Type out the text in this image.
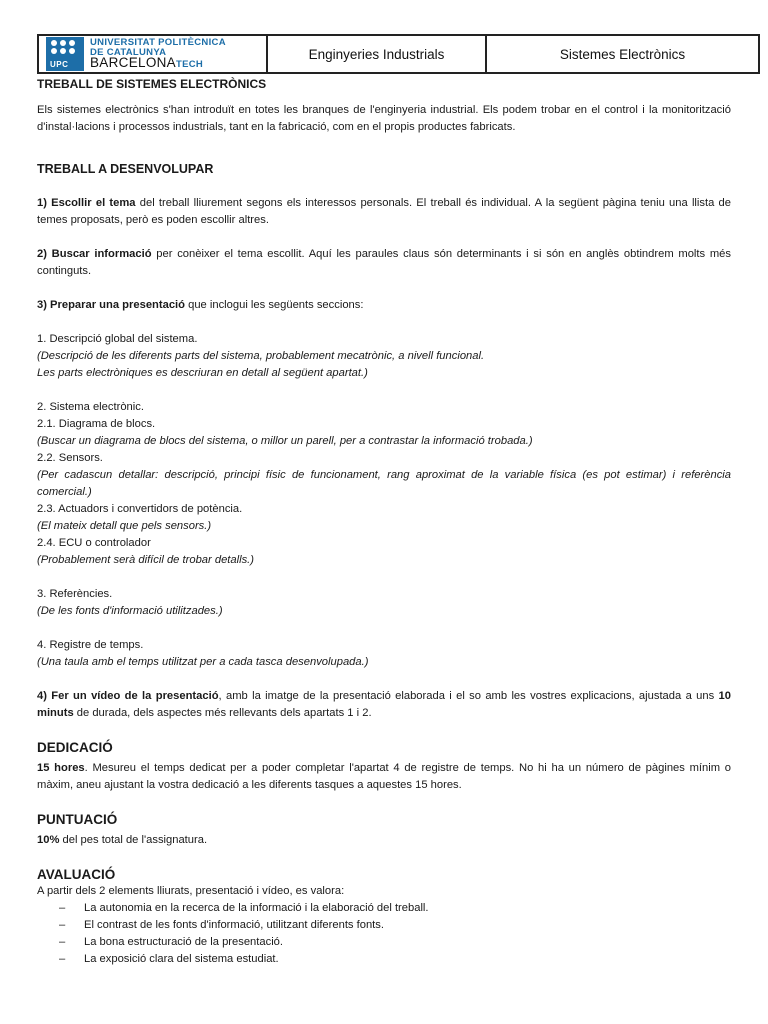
UPC
UNIVERSITAT POLITÈCNICA
DE CATALUNYA
BARCELONATECH
Enginyeries Industrials	Sistemes Electrònics

TREBALL DE SISTEMES ELECTRÒNICS

Els sistemes electrònics s'han introduït en totes les branques de l'enginyeria industrial. Els podem trobar en el control i la monitorització d'instal·lacions i processos industrials, tant en la fabricació, com en el propis productes fabricats.

TREBALL A DESENVOLUPAR

1) Escollir el tema del treball lliurement segons els interessos personals. El treball és individual. A la següent pàgina teniu una llista de temes proposats, però es poden escollir altres.

2) Buscar informació per conèixer el tema escollit. Aquí les paraules claus són determinants i si són en anglès obtindrem molts més continguts.

3) Preparar una presentació que inclogui les següents seccions:

1. Descripció global del sistema.

(Descripció de les diferents parts del sistema, probablement mecatrònic, a nivell funcional.

Les parts electròniques es descriuran en detall al següent apartat.)

2. Sistema electrònic.

2.1. Diagrama de blocs.

(Buscar un diagrama de blocs del sistema, o millor un parell, per a contrastar la informació trobada.)

2.2. Sensors.

(Per cadascun detallar: descripció, principi físic de funcionament, rang aproximat de la variable física (es pot estimar) i referència comercial.)

2.3. Actuadors i convertidors de potència.

(El mateix detall que pels sensors.)

2.4. ECU o controlador

(Probablement serà difícil de trobar detalls.)

3. Referències.

(De les fonts d'informació utilitzades.)

4. Registre de temps.

(Una taula amb el temps utilitzat per a cada tasca desenvolupada.)

4) Fer un vídeo de la presentació, amb la imatge de la presentació elaborada i el so amb les vostres explicacions, ajustada a uns 10 minuts de durada, dels aspectes més rellevants dels apartats 1 i 2.

DEDICACIÓ

15 hores. Mesureu el temps dedicat per a poder completar l'apartat 4 de registre de temps. No hi ha un número de pàgines mínim o màxim, aneu ajustant la vostra dedicació a les diferents tasques a aquestes 15 hores.

PUNTUACIÓ

10% del pes total de l'assignatura.

AVALUACIÓ

A partir dels 2 elements lliurats, presentació i vídeo, es valora:

– La autonomia en la recerca de la informació i la elaboració del treball.
– El contrast de les fonts d'informació, utilitzant diferents fonts.
– La bona estructuració de la presentació.
– La exposició clara del sistema estudiat.
